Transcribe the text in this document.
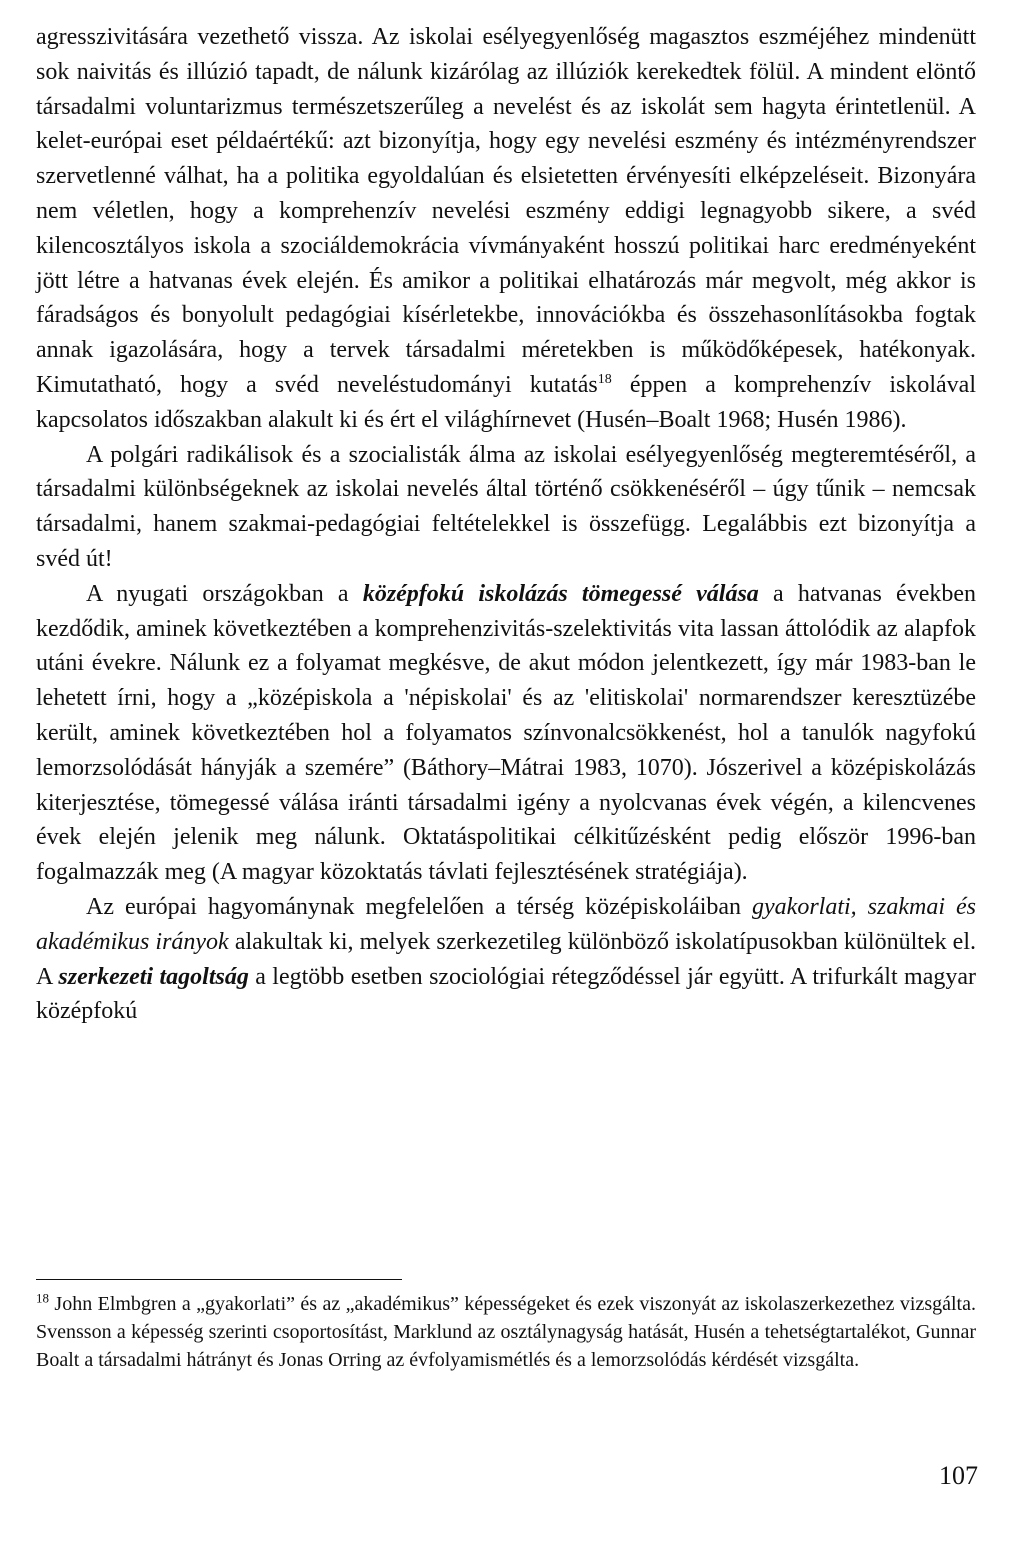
agresszivitására vezethető vissza. Az iskolai esélyegyenlőség magasztos eszméjéhez mindenütt sok naivitás és illúzió tapadt, de nálunk kizárólag az illúziók kerekedtek fölül. A mindent elöntő társadalmi voluntarizmus természetszerűleg a nevelést és az iskolát sem hagyta érintetlenül. A kelet-európai eset példaértékű: azt bizonyítja, hogy egy nevelési eszmény és intézményrendszer szervetlenné válhat, ha a politika egyoldalúan és elsietetten érvényesíti elképzeléseit. Bizonyára nem véletlen, hogy a komprehenzív nevelési eszmény eddigi legnagyobb sikere, a svéd kilencosztályos iskola a szociáldemokrácia vívmányaként hosszú politikai harc eredményeként jött létre a hatvanas évek elején. És amikor a politikai elhatározás már megvolt, még akkor is fáradságos és bonyolult pedagógiai kísérletekbe, innovációkba és összehasonlításokba fogtak annak igazolására, hogy a tervek társadalmi méretekben is működőképesek, hatékonyak. Kimutatható, hogy a svéd neveléstudományi kutatás$^{18}$ éppen a komprehenzív iskolával kapcsolatos időszakban alakult ki és ért el világhírnevet (Husén–Boalt 1968; Husén 1986).

A polgári radikálisok és a szocialisták álma az iskolai esélyegyenlőség megteremtéséről, a társadalmi különbségeknek az iskolai nevelés által történő csökkenéséről – úgy tűnik – nemcsak társadalmi, hanem szakmai-pedagógiai feltételekkel is összefügg. Legalábbis ezt bizonyítja a svéd út!

A nyugati országokban a középfokú iskolázás tömegessé válása a hatvanas években kezdődik, aminek következtében a komprehenzivitás-szelektivitás vita lassan áttolódik az alapfok utáni évekre. Nálunk ez a folyamat megkésve, de akut módon jelentkezett, így már 1983-ban le lehetett írni, hogy a „középiskola a 'népiskolai' és az 'elitiskolai' normarendszer keresztüzébe került, aminek következtében hol a folyamatos színvonalcsökkenést, hol a tanulók nagyfokú lemorzsolódását hányják a szemére” (Báthory–Mátrai 1983, 1070). Jószerivel a középiskolázás kiterjesztése, tömegessé válása iránti társadalmi igény a nyolcvanas évek végén, a kilencvenes évek elején jelenik meg nálunk. Oktatáspolitikai célkitűzésként pedig először 1996-ban fogalmazzák meg (A magyar közoktatás távlati fejlesztésének stratégiája).

Az európai hagyománynak megfelelően a térség középiskoláiban gyakorlati, szakmai és akadémikus irányok alakultak ki, melyek szerkezetileg különböző iskolatípusokban különültek el. A szerkezeti tagoltság a legtöbb esetben szociológiai rétegződéssel jár együtt. A trifurkált magyar középfokú

$^{18}$ John Elmbgren a „gyakorlati” és az „akadémikus” képességeket és ezek viszonyát az iskolaszerkezethez vizsgálta. Svensson a képesség szerinti csoportosítást, Marklund az osztálynagyság hatását, Husén a tehetségtartalékot, Gunnar Boalt a társadalmi hátrányt és Jonas Orring az évfolyamismétlés és a lemorzsolódás kérdését vizsgálta.

107
